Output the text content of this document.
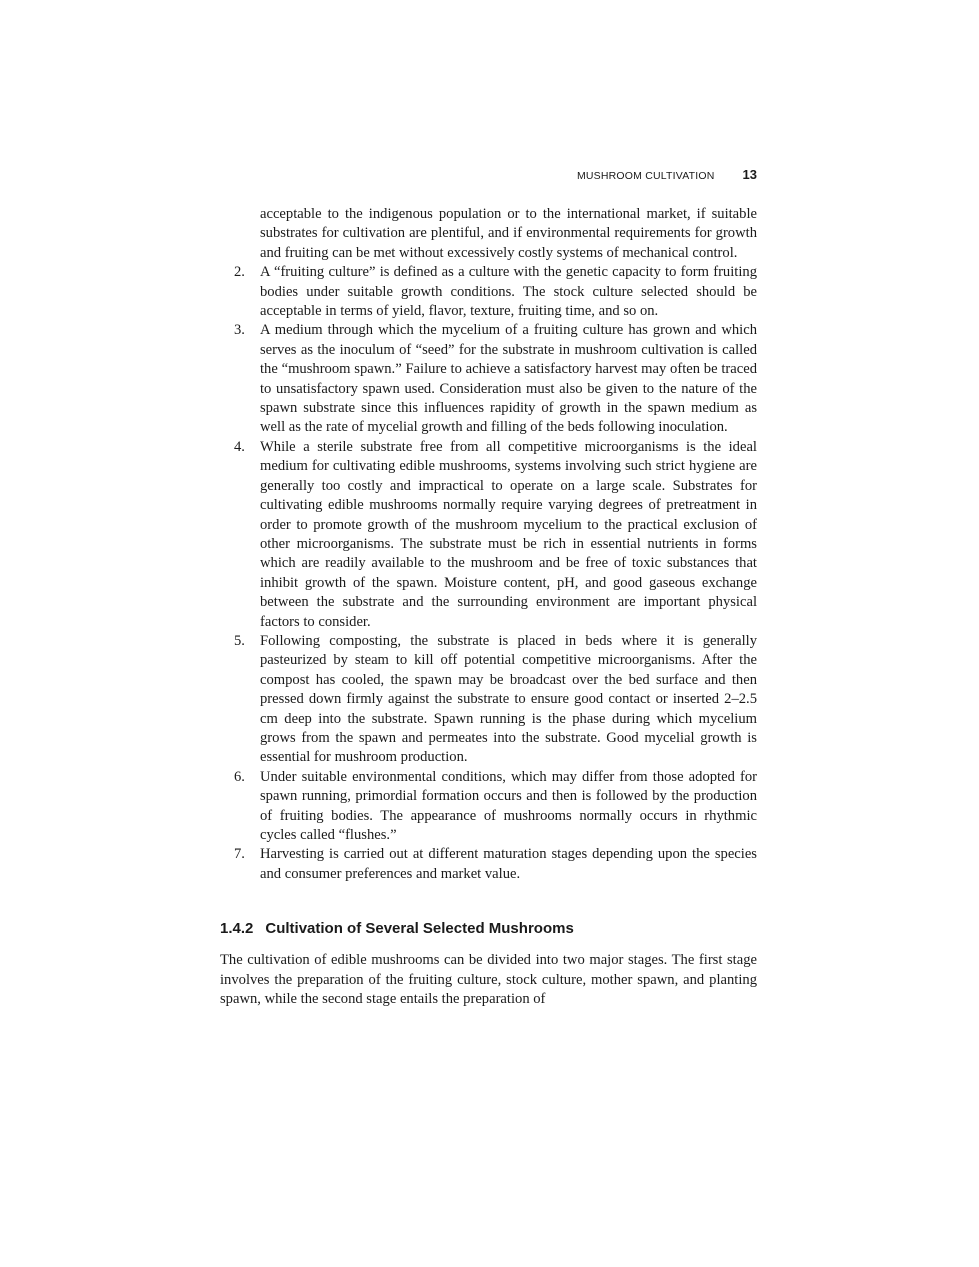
MUSHROOM CULTIVATION 13

acceptable to the indigenous population or to the international market, if suitable substrates for cultivation are plentiful, and if environmental requirements for growth and fruiting can be met without excessively costly systems of mechanical control.

2. A “fruiting culture” is defined as a culture with the genetic capacity to form fruiting bodies under suitable growth conditions. The stock culture selected should be acceptable in terms of yield, flavor, texture, fruiting time, and so on.
3. A medium through which the mycelium of a fruiting culture has grown and which serves as the inoculum of “seed” for the substrate in mushroom cultivation is called the “mushroom spawn.” Failure to achieve a satisfactory harvest may often be traced to unsatisfactory spawn used. Consideration must also be given to the nature of the spawn substrate since this influences rapidity of growth in the spawn medium as well as the rate of mycelial growth and filling of the beds following inoculation.
4. While a sterile substrate free from all competitive microorganisms is the ideal medium for cultivating edible mushrooms, systems involving such strict hygiene are generally too costly and impractical to operate on a large scale. Substrates for cultivating edible mushrooms normally require varying degrees of pretreatment in order to promote growth of the mushroom mycelium to the practical exclusion of other microorganisms. The substrate must be rich in essential nutrients in forms which are readily available to the mushroom and be free of toxic substances that inhibit growth of the spawn. Moisture content, pH, and good gaseous exchange between the substrate and the surrounding environment are important physical factors to consider.
5. Following composting, the substrate is placed in beds where it is generally pasteurized by steam to kill off potential competitive microorganisms. After the compost has cooled, the spawn may be broadcast over the bed surface and then pressed down firmly against the substrate to ensure good contact or inserted 2–2.5 cm deep into the substrate. Spawn running is the phase during which mycelium grows from the spawn and permeates into the substrate. Good mycelial growth is essential for mushroom production.
6. Under suitable environmental conditions, which may differ from those adopted for spawn running, primordial formation occurs and then is followed by the production of fruiting bodies. The appearance of mushrooms normally occurs in rhythmic cycles called “flushes.”
7. Harvesting is carried out at different maturation stages depending upon the species and consumer preferences and market value.
1.4.2 Cultivation of Several Selected Mushrooms

The cultivation of edible mushrooms can be divided into two major stages. The first stage involves the preparation of the fruiting culture, stock culture, mother spawn, and planting spawn, while the second stage entails the preparation of
